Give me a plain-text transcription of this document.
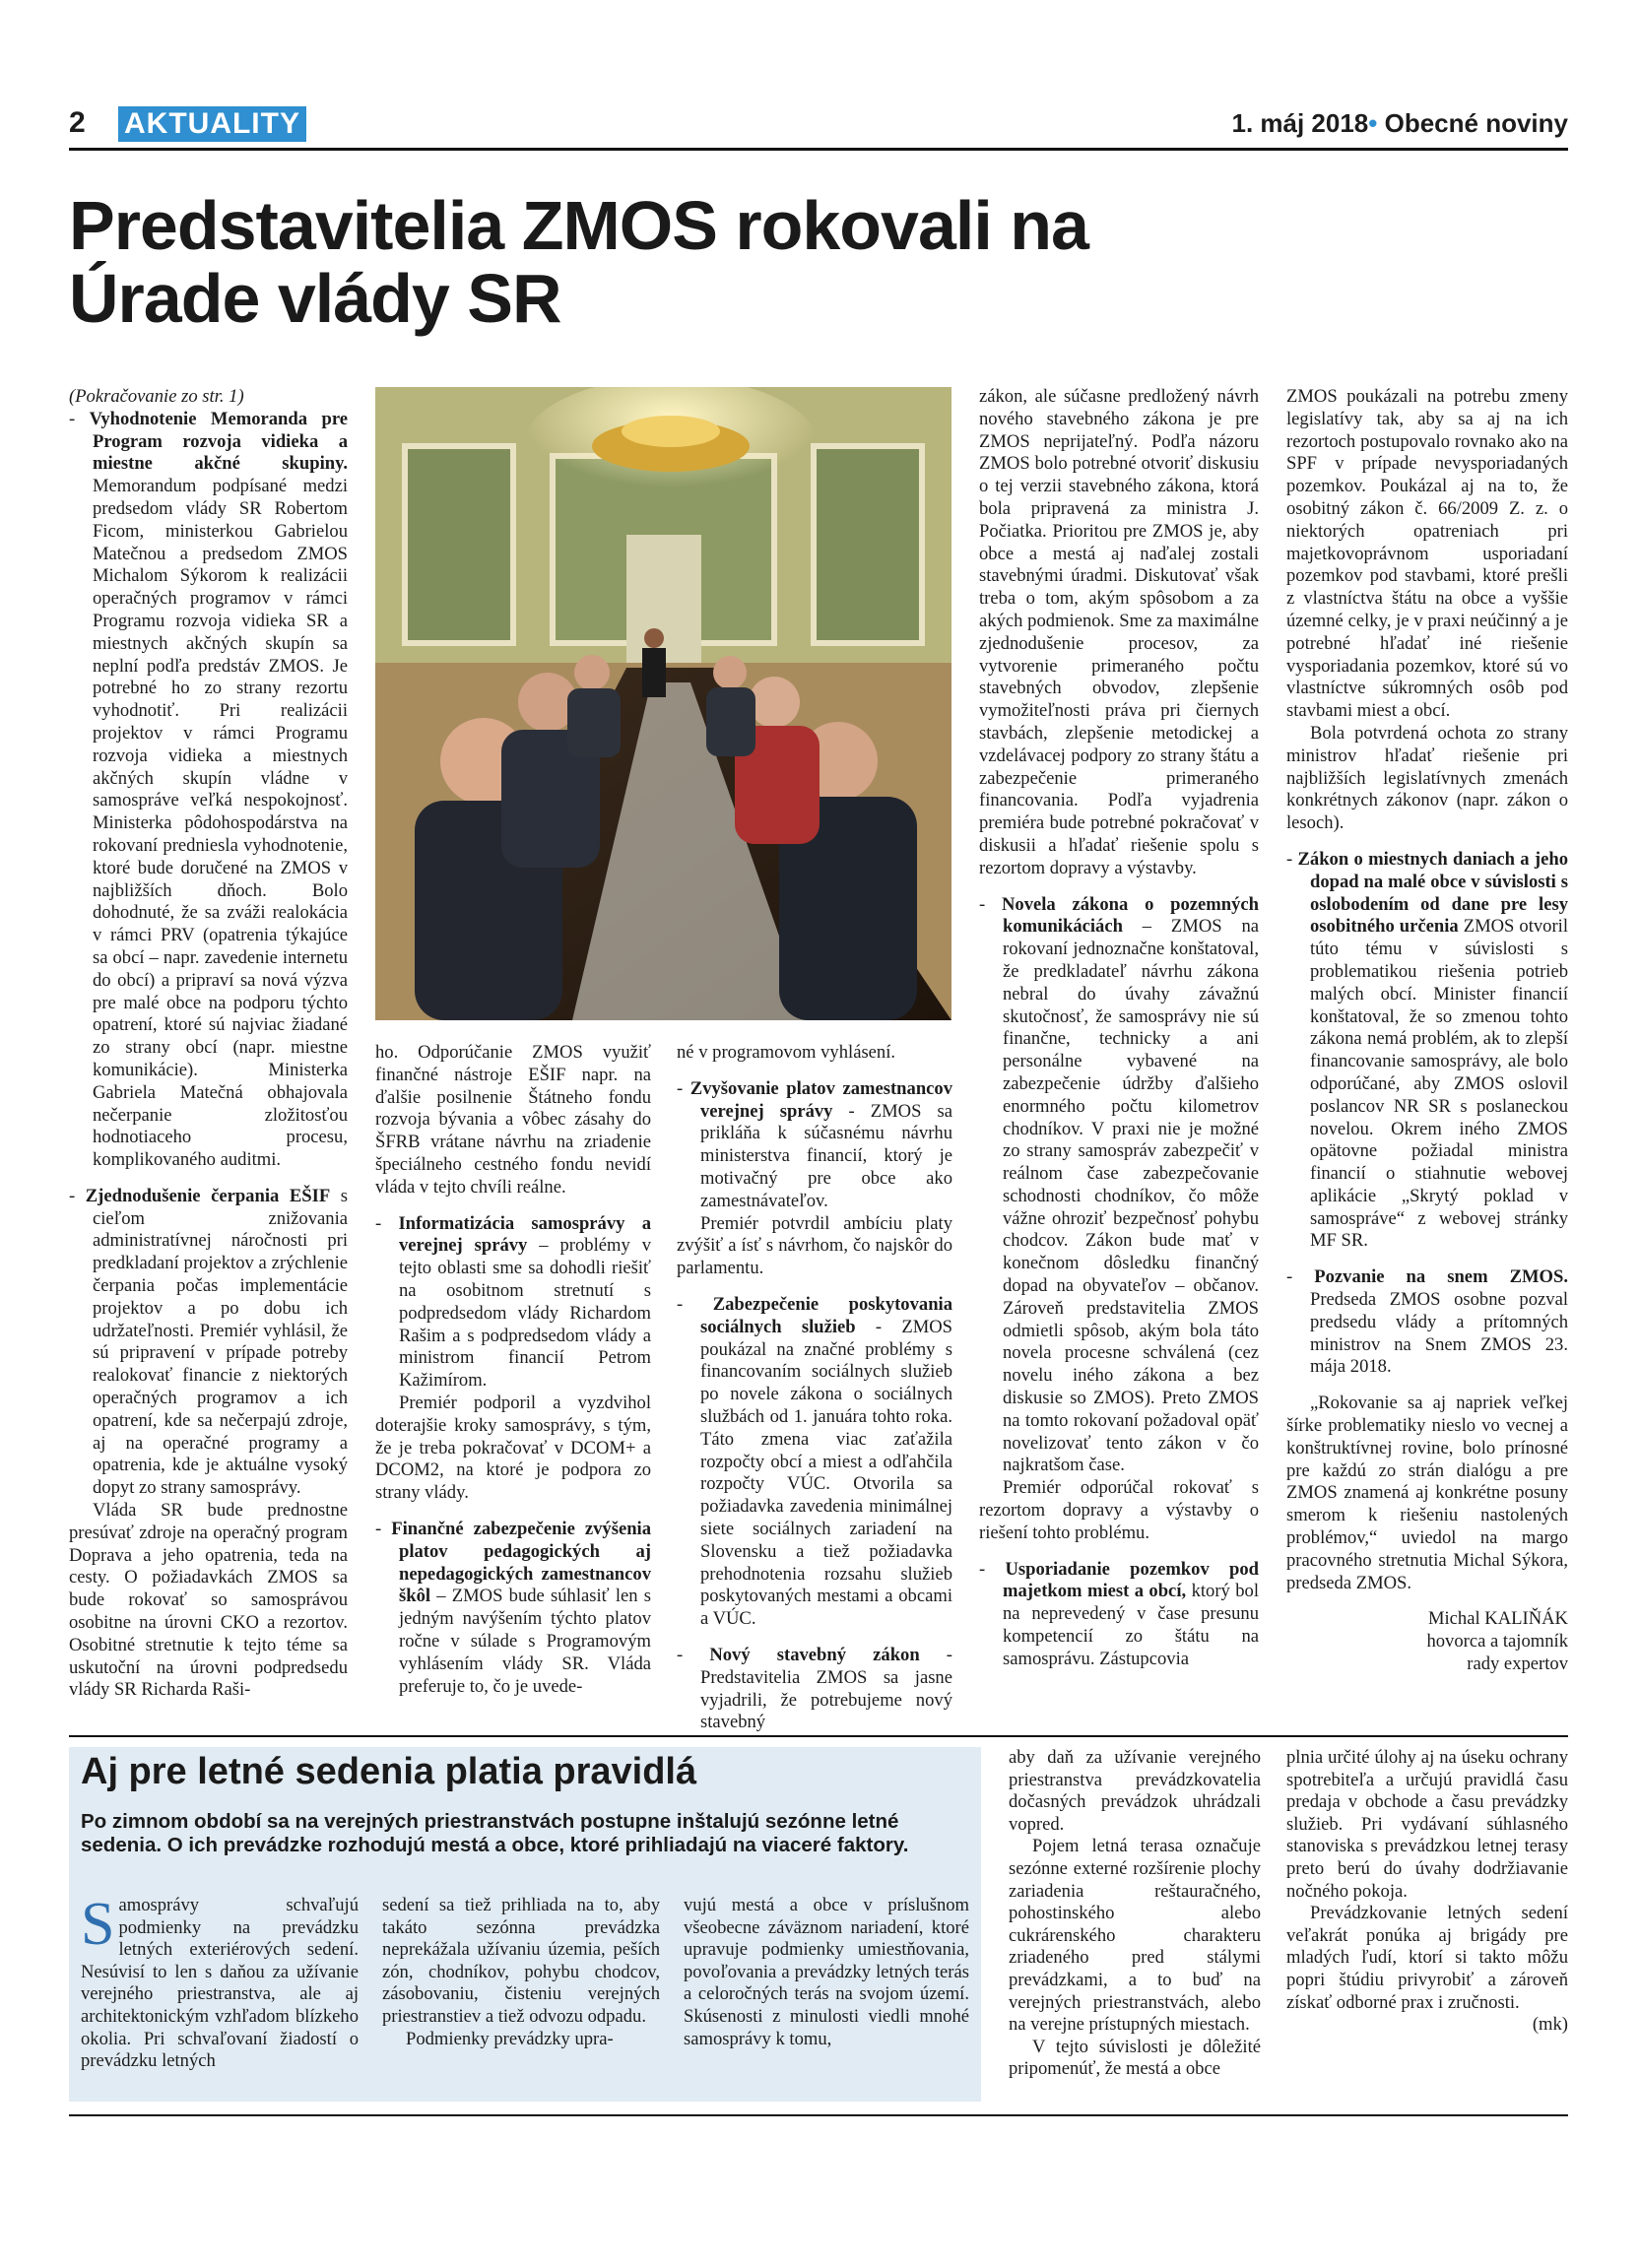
2 AKTUALITY	1. máj 2018• Obecné noviny
Predstavitelia ZMOS rokovali na Úrade vlády SR

(Pokračovanie zo str. 1)

- Vyhodnotenie Memoranda pre Program rozvoja vidieka a miestne akčné skupiny. Memorandum podpísané medzi predsedom vlády SR Robertom Ficom, ministerkou Gabrielou Matečnou a predsedom ZMOS Michalom Sýkorom k realizácii operačných programov v rámci Programu rozvoja vidieka SR a miestnych akčných skupín sa neplní podľa predstáv ZMOS. Je potrebné ho zo strany rezortu vyhodnotiť. Pri realizácii projektov v rámci Programu rozvoja vidieka a miestnych akčných skupín vládne v samospráve veľká nespokojnosť. Ministerka pôdohospodárstva na rokovaní predniesla vyhodnotenie, ktoré bude doručené na ZMOS v najbližších dňoch. Bolo dohodnuté, že sa zváži realokácia v rámci PRV (opatrenia týkajúce sa obcí – napr. zavedenie internetu do obcí) a pripraví sa nová výzva pre malé obce na podporu týchto opatrení, ktoré sú najviac žiadané zo strany obcí (napr. miestne komunikácie). Ministerka Gabriela Matečná obhajovala nečerpanie zložitosťou hodnotiaceho procesu, komplikovaného auditmi.

- Zjednodušenie čerpania EŠIF s cieľom znižovania administratívnej náročnosti pri predkladaní projektov a zrýchlenie čerpania počas implementácie projektov a po dobu ich udržateľnosti. Premiér vyhlásil, že sú pripravení v prípade potreby realokovať financie z niektorých operačných programov a ich opatrení, kde sa nečerpajú zdroje, aj na operačné programy a opatrenia, kde je aktuálne vysoký dopyt zo strany samosprávy.

Vláda SR bude prednostne presúvať zdroje na operačný program Doprava a jeho opatrenia, teda na cesty. O požiadavkách ZMOS sa bude rokovať so samosprávou osobitne na úrovni CKO a rezortov. Osobitné stretnutie k tejto téme sa uskutoční na úrovni podpredsedu vlády SR Richarda Raši-

ho. Odporúčanie ZMOS využiť finančné nástroje EŠIF napr. na ďalšie posilnenie Štátneho fondu rozvoja bývania a vôbec zásahy do ŠFRB vrátane návrhu na zriadenie špeciálneho cestného fondu nevidí vláda v tejto chvíli reálne.

- Informatizácia samosprávy a verejnej správy – problémy v tejto oblasti sme sa dohodli riešiť na osobitnom stretnutí s podpredsedom vlády Richardom Rašim a s podpredsedom vlády a ministrom financií Petrom Kažimírom.

Premiér podporil a vyzdvihol doterajšie kroky samosprávy, s tým, že je treba pokračovať v DCOM+ a DCOM2, na ktoré je podpora zo strany vlády.

- Finančné zabezpečenie zvýšenia platov pedagogických aj nepedagogických zamestnancov škôl – ZMOS bude súhlasiť len s jedným navýšením týchto platov ročne v súlade s Programovým vyhlásením vlády SR. Vláda preferuje to, čo je uvede-

né v programovom vyhlásení.

- Zvyšovanie platov zamestnancov verejnej správy - ZMOS sa prikláňa k súčasnému návrhu ministerstva financií, ktorý je motivačný pre obce ako zamestnávateľov.

Premiér potvrdil ambíciu platy zvýšiť a ísť s návrhom, čo najskôr do parlamentu.

- Zabezpečenie poskytovania sociálnych služieb - ZMOS poukázal na značné problémy s financovaním sociálnych služieb po novele zákona o sociálnych službách od 1. januára tohto roka. Táto zmena viac zaťažila rozpočty obcí a miest a odľahčila rozpočty VÚC. Otvorila sa požiadavka zavedenia minimálnej siete sociálnych zariadení na Slovensku a tiež požiadavka prehodnotenia rozsahu služieb poskytovaných mestami a obcami a VÚC.

- Nový stavebný zákon - Predstavitelia ZMOS sa jasne vyjadrili, že potrebujeme nový stavebný

zákon, ale súčasne predložený návrh nového stavebného zákona je pre ZMOS neprijateľný. Podľa názoru ZMOS bolo potrebné otvoriť diskusiu o tej verzii stavebného zákona, ktorá bola pripravená za ministra J. Počiatka. Prioritou pre ZMOS je, aby obce a mestá aj naďalej zostali stavebnými úradmi. Diskutovať však treba o tom, akým spôsobom a za akých podmienok. Sme za maximálne zjednodušenie procesov, za vytvorenie primeraného počtu stavebných obvodov, zlepšenie vymožiteľnosti práva pri čiernych stavbách, zlepšenie metodickej a vzdelávacej podpory zo strany štátu a zabezpečenie primeraného financovania. Podľa vyjadrenia premiéra bude potrebné pokračovať v diskusii a hľadať riešenie spolu s rezortom dopravy a výstavby.

- Novela zákona o pozemných komunikáciách – ZMOS na rokovaní jednoznačne konštatoval, že predkladateľ návrhu zákona nebral do úvahy závažnú skutočnosť, že samosprávy nie sú finančne, technicky a ani personálne vybavené na zabezpečenie údržby ďalšieho enormného počtu kilometrov chodníkov. V praxi nie je možné zo strany samospráv zabezpečiť v reálnom čase zabezpečovanie schodnosti chodníkov, čo môže vážne ohroziť bezpečnosť pohybu chodcov. Zákon bude mať v konečnom dôsledku finančný dopad na obyvateľov – občanov. Zároveň predstavitelia ZMOS odmietli spôsob, akým bola táto novela procesne schválená (cez novelu iného zákona a bez diskusie so ZMOS). Preto ZMOS na tomto rokovaní požadoval opäť novelizovať tento zákon v čo najkratšom čase.

Premiér odporúčal rokovať s rezortom dopravy a výstavby o riešení tohto problému.

- Usporiadanie pozemkov pod majetkom miest a obcí, ktorý bol na neprevedený v čase presunu kompetencií zo štátu na samosprávu. Zástupcovia

ZMOS poukázali na potrebu zmeny legislatívy tak, aby sa aj na ich rezortoch postupovalo rovnako ako na SPF v prípade nevysporiadaných pozemkov. Poukázal aj na to, že osobitný zákon č. 66/2009 Z. z. o niektorých opatreniach pri majetkovoprávnom usporiadaní pozemkov pod stavbami, ktoré prešli z vlastníctva štátu na obce a vyššie územné celky, je v praxi neúčinný a je potrebné hľadať iné riešenie vysporiadania pozemkov, ktoré sú vo vlastníctve súkromných osôb pod stavbami miest a obcí.

Bola potvrdená ochota zo strany ministrov hľadať riešenie pri najbližších legislatívnych zmenách konkrétnych zákonov (napr. zákon o lesoch).

- Zákon o miestnych daniach a jeho dopad na malé obce v súvislosti s oslobodením od dane pre lesy osobitného určenia ZMOS otvoril túto tému v súvislosti s problematikou riešenia potrieb malých obcí. Minister financií konštatoval, že so zmenou tohto zákona nemá problém, ak to zlepší financovanie samosprávy, ale bolo odporúčané, aby ZMOS oslovil poslancov NR SR s poslaneckou novelou. Okrem iného ZMOS opätovne požiadal ministra financií o stiahnutie webovej aplikácie „Skrytý poklad v samospráve“ z webovej stránky MF SR.

- Pozvanie na snem ZMOS. Predseda ZMOS osobne pozval predsedu vlády a prítomných ministrov na Snem ZMOS 23. mája 2018.

„Rokovanie sa aj napriek veľkej šírke problematiky nieslo vo vecnej a konštruktívnej rovine, bolo prínosné pre každú zo strán dialógu a pre ZMOS znamená aj konkrétne posuny smerom k riešeniu nastolených problémov,“ uviedol na margo pracovného stretnutia Michal Sýkora, predseda ZMOS.

Michal KALIŇÁK

hovorca a tajomník

rady expertov

Aj pre letné sedenia platia pravidlá
Po zimnom období sa na verejných priestranstvách postupne inštalujú sezónne letné sedenia. O ich prevádzke rozhodujú mestá a obce, ktoré prihliadajú na viaceré faktory.
Samosprávy schvaľujú podmienky na prevádzku letných exteriérových sedení. Nesúvisí to len s daňou za užívanie verejného priestranstva, ale aj architektonickým vzhľadom blízkeho okolia. Pri schvaľovaní žiadostí o prevádzku letných

sedení sa tiež prihliada na to, aby takáto sezónna prevádzka neprekážala užívaniu územia, peších zón, chodníkov, pohybu chodcov, zásobovaniu, čisteniu verejných priestranstiev a tiež odvozu odpadu.

Podmienky prevádzky upra-

vujú mestá a obce v príslušnom všeobecne záväznom nariadení, ktoré upravuje podmienky umiestňovania, povoľovania a prevádzky letných terás a celoročných terás na svojom území. Skúsenosti z minulosti viedli mnohé samosprávy k tomu,

aby daň za užívanie verejného priestranstva prevádzkovatelia dočasných prevádzok uhrádzali vopred.

Pojem letná terasa označuje sezónne externé rozšírenie plochy zariadenia reštauračného, pohostinského alebo cukrárenského charakteru zriadeného pred stálymi prevádzkami, a to buď na verejných priestranstvách, alebo na verejne prístupných miestach.

V tejto súvislosti je dôležité pripomenúť, že mestá a obce

plnia určité úlohy aj na úseku ochrany spotrebiteľa a určujú pravidlá času predaja v obchode a času prevádzky služieb. Pri vydávaní súhlasného stanoviska s prevádzkou letnej terasy preto berú do úvahy dodržiavanie nočného pokoja.

Prevádzkovanie letných sedení veľakrát ponúka aj brigády pre mladých ľudí, ktorí si takto môžu popri štúdiu privyrobiť a zároveň získať odborné prax i zručnosti.

(mk)
